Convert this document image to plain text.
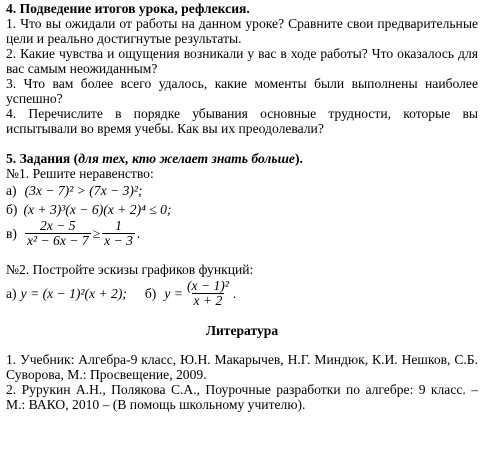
4. Подведение итогов урока, рефлексия.

1. Что вы ожидали от работы на данном уроке? Сравните свои предварительные цели и реально достигнутые результаты.

2. Какие чувства и ощущения возникали у вас в ходе работы? Что оказалось для вас самым неожиданным?

3. Что вам более всего удалось, какие моменты были выполнены наиболее успешно?

4. Перечислите в порядке убывания основные трудности, которые вы испытывали во время учебы. Как вы их преодолевали?

5. Задания (для тех, кто желает знать больше).

№1. Решите неравенство:

а) (3x − 7)² > (7x − 3)²;
б) (x + 3)³(x − 6)(x + 2)⁴ ≤ 0;
$в) \frac{2x - 5}{\text{x² − 6x − 7}} \ge \frac{1}{x - 3}$ .

№2. Постройте эскизы графиков функций:

а) y = (x − 1)²(x + 2); б) $y = \frac{\text{(x − 1)²}}{x + 2}$ .

Литература

1. Учебник: Алгебра-9 класс, Ю.Н. Макарычев, Н.Г. Миндюк, К.И. Нешков, С.Б. Суворова, М.: Просвещение, 2009.

2. Рурукин А.Н., Полякова С.А., Поурочные разработки по алгебре: 9 класс. – М.: ВАКО, 2010 – (В помощь школьному учителю).
